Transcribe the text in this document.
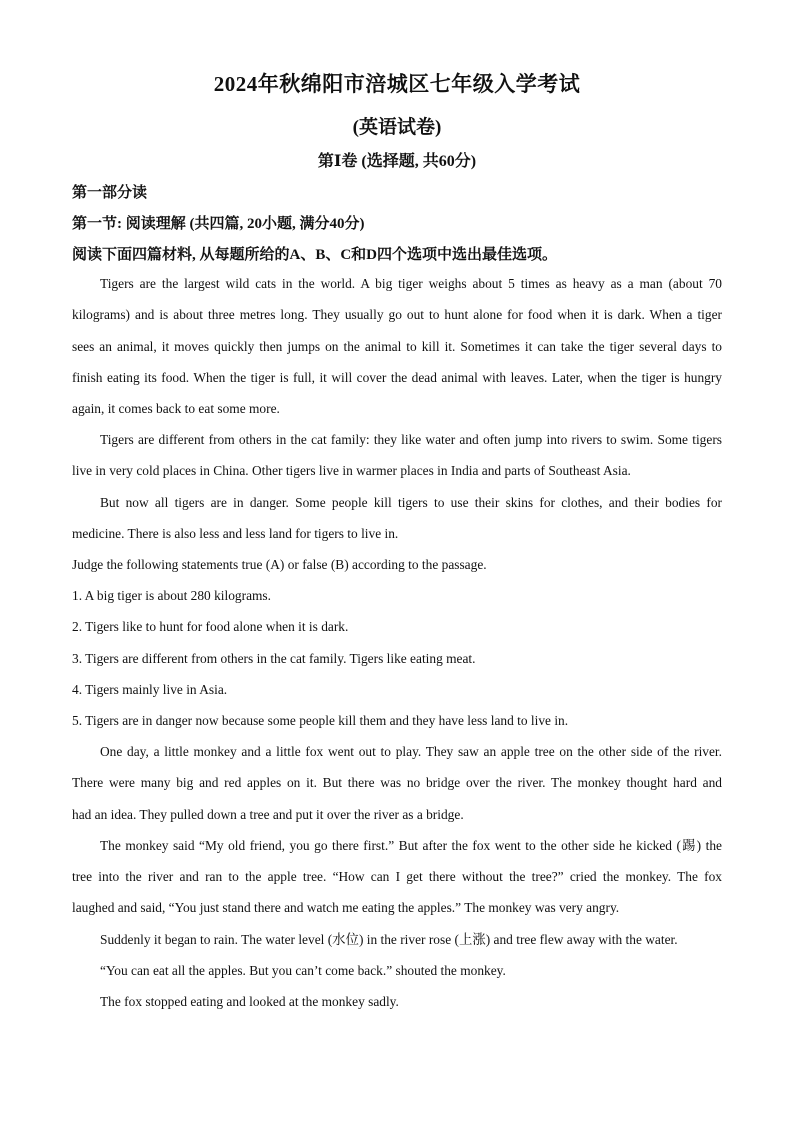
2024年秋绵阳市涪城区七年级入学考试
(英语试卷)
第Ⅰ卷 (选择题, 共60分)
第一部分读
第一节: 阅读理解 (共四篇, 20小题, 满分40分)
阅读下面四篇材料, 从每题所给的A、B、C和D四个选项中选出最佳选项。
Tigers are the largest wild cats in the world. A big tiger weighs about 5 times as heavy as a man (about 70
kilograms) and is about three metres long. They usually go out to hunt alone for food when it is dark. When a tiger
sees an animal, it moves quickly then jumps on the animal to kill it. Sometimes it can take the tiger several days to
finish eating its food. When the tiger is full, it will cover the dead animal with leaves. Later, when the tiger is hungry
again, it comes back to eat some more.
Tigers are different from others in the cat family: they like water and often jump into rivers to swim. Some tigers
live in very cold places in China. Other tigers live in warmer places in India and parts of Southeast Asia.
But now all tigers are in danger. Some people kill tigers to use their skins for clothes, and their bodies for
medicine. There is also less and less land for tigers to live in.
Judge the following statements true (A) or false (B) according to the passage.
1. A big tiger is about 280 kilograms.
2. Tigers like to hunt for food alone when it is dark.
3. Tigers are different from others in the cat family. Tigers like eating meat.
4. Tigers mainly live in Asia.
5. Tigers are in danger now because some people kill them and they have less land to live in.
One day, a little monkey and a little fox went out to play. They saw an apple tree on the other side of the river.
There were many big and red apples on it. But there was no bridge over the river. The monkey thought hard and
had an idea. They pulled down a tree and put it over the river as a bridge.
The monkey said “My old friend, you go there first.” But after the fox went to the other side he kicked (踢) the
tree into the river and ran to the apple tree. “How can I get there without the tree?” cried the monkey. The fox
laughed and said, “You just stand there and watch me eating the apples.” The monkey was very angry.
Suddenly it began to rain. The water level (水位) in the river rose (上涨) and tree flew away with the water.
“You can eat all the apples. But you can’t come back.” shouted the monkey.
The fox stopped eating and looked at the monkey sadly.
